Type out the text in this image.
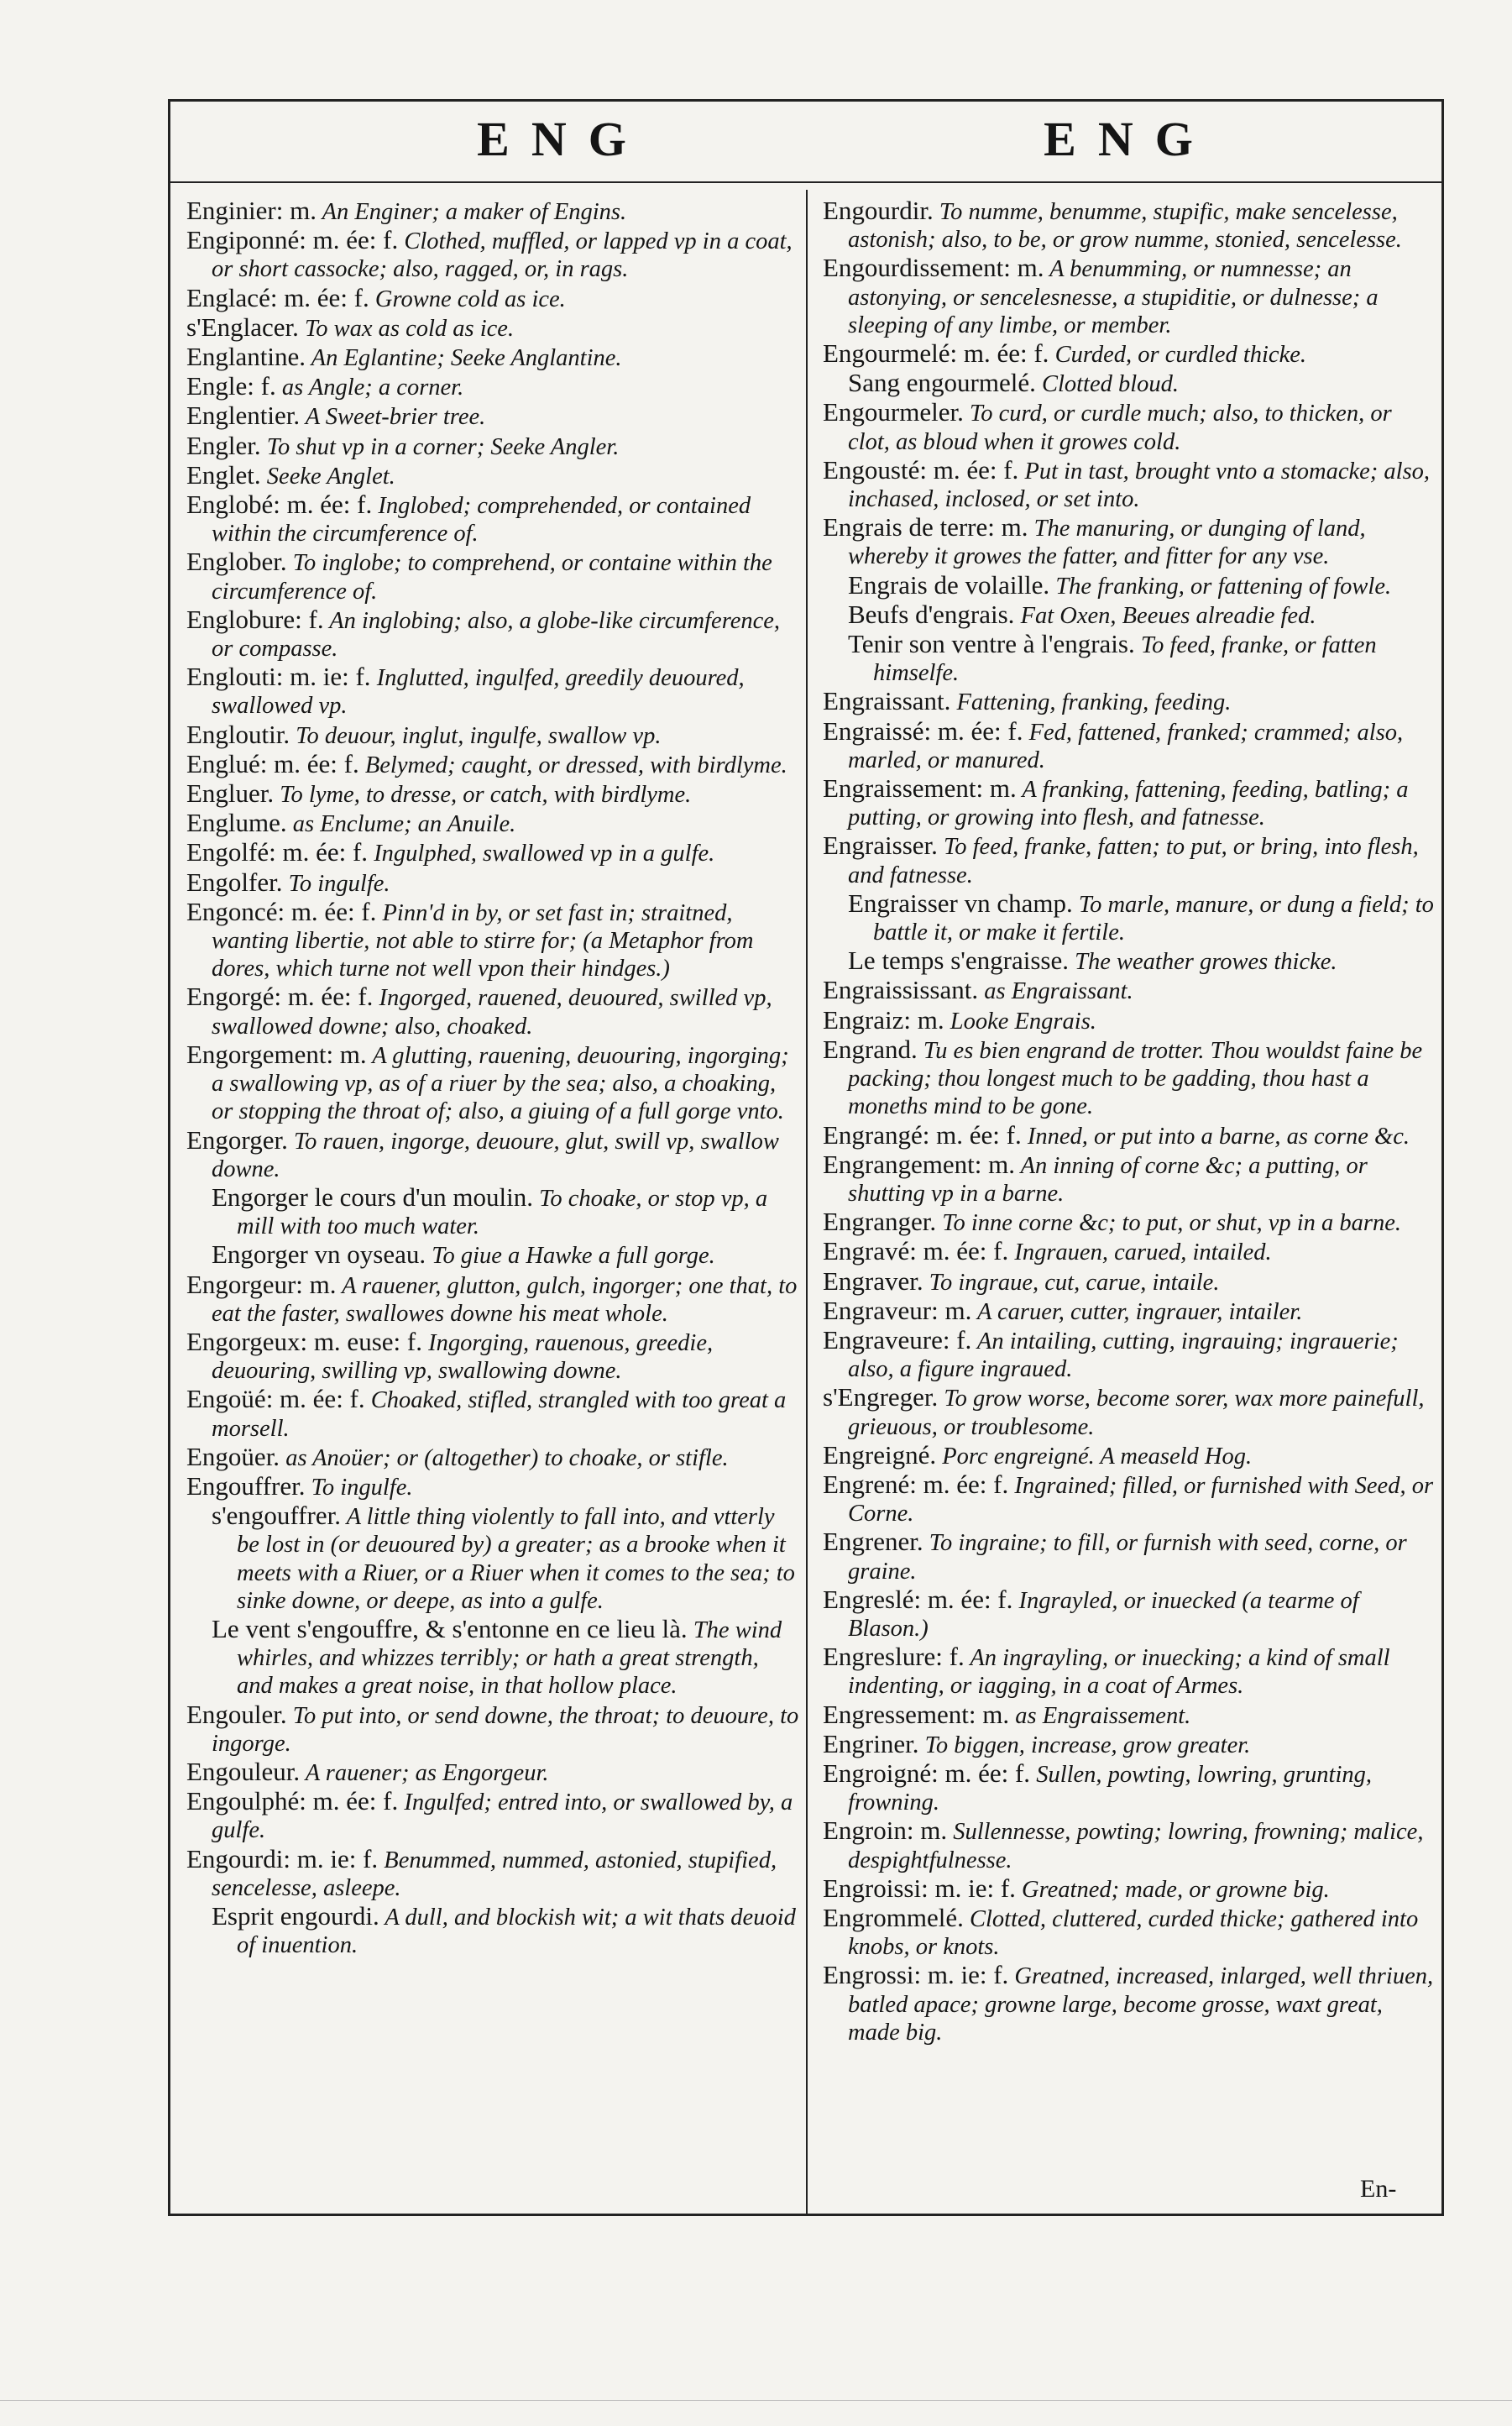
ENG	ENG

Enginier: m. An Enginer; a maker of Engins.

Engiponné: m. ée: f. Clothed, muffled, or lapped vp in a coat, or short cassocke; also, ragged, or, in rags.

Englacé: m. ée: f. Growne cold as ice.

s'Englacer. To wax as cold as ice.

Englantine. An Eglantine; Seeke Anglantine.

Engle: f. as Angle; a corner.

Englentier. A Sweet-brier tree.

Engler. To shut vp in a corner; Seeke Angler.

Englet. Seeke Anglet.

Englobé: m. ée: f. Inglobed; comprehended, or contained within the circumference of.

Englober. To inglobe; to comprehend, or containe within the circumference of.

Englobure: f. An inglobing; also, a globe-like circumference, or compasse.

Englouti: m. ie: f. Inglutted, ingulfed, greedily deuoured, swallowed vp.

Engloutir. To deuour, inglut, ingulfe, swallow vp.

Englué: m. ée: f. Belymed; caught, or dressed, with birdlyme.

Engluer. To lyme, to dresse, or catch, with birdlyme.

Englume. as Enclume; an Anuile.

Engolfé: m. ée: f. Ingulphed, swallowed vp in a gulfe.

Engolfer. To ingulfe.

Engoncé: m. ée: f. Pinn'd in by, or set fast in; straitned, wanting libertie, not able to stirre for; (a Metaphor from dores, which turne not well vpon their hindges.)

Engorgé: m. ée: f. Ingorged, rauened, deuoured, swilled vp, swallowed downe; also, choaked.

Engorgement: m. A glutting, rauening, deuouring, ingorging; a swallowing vp, as of a riuer by the sea; also, a choaking, or stopping the throat of; also, a giuing of a full gorge vnto.

Engorger. To rauen, ingorge, deuoure, glut, swill vp, swallow downe.

Engorger le cours d'un moulin. To choake, or stop vp, a mill with too much water.

Engorger vn oyseau. To giue a Hawke a full gorge.

Engorgeur: m. A rauener, glutton, gulch, ingorger; one that, to eat the faster, swallowes downe his meat whole.

Engorgeux: m. euse: f. Ingorging, rauenous, greedie, deuouring, swilling vp, swallowing downe.

Engoüé: m. ée: f. Choaked, stifled, strangled with too great a morsell.

Engoüer. as Anoüer; or (altogether) to choake, or stifle.

Engouffrer. To ingulfe.

s'engouffrer. A little thing violently to fall into, and vtterly be lost in (or deuoured by) a greater; as a brooke when it meets with a Riuer, or a Riuer when it comes to the sea; to sinke downe, or deepe, as into a gulfe.

Le vent s'engouffre, & s'entonne en ce lieu là. The wind whirles, and whizzes terribly; or hath a great strength, and makes a great noise, in that hollow place.

Engouler. To put into, or send downe, the throat; to deuoure, to ingorge.

Engouleur. A rauener; as Engorgeur.

Engoulphé: m. ée: f. Ingulfed; entred into, or swallowed by, a gulfe.

Engourdi: m. ie: f. Benummed, nummed, astonied, stupified, sencelesse, asleepe.

Esprit engourdi. A dull, and blockish wit; a wit thats deuoid of inuention.

Engourdir. To numme, benumme, stupific, make sencelesse, astonish; also, to be, or grow numme, stonied, sencelesse.

Engourdissement: m. A benumming, or numnesse; an astonying, or sencelesnesse, a stupiditie, or dulnesse; a sleeping of any limbe, or member.

Engourmelé: m. ée: f. Curded, or curdled thicke.

Sang engourmelé. Clotted bloud.

Engourmeler. To curd, or curdle much; also, to thicken, or clot, as bloud when it growes cold.

Engousté: m. ée: f. Put in tast, brought vnto a stomacke; also, inchased, inclosed, or set into.

Engrais de terre: m. The manuring, or dunging of land, whereby it growes the fatter, and fitter for any vse.

Engrais de volaille. The franking, or fattening of fowle.

Beufs d'engrais. Fat Oxen, Beeues alreadie fed.

Tenir son ventre à l'engrais. To feed, franke, or fatten himselfe.

Engraissant. Fattening, franking, feeding.

Engraissé: m. ée: f. Fed, fattened, franked; crammed; also, marled, or manured.

Engraissement: m. A franking, fattening, feeding, batling; a putting, or growing into flesh, and fatnesse.

Engraisser. To feed, franke, fatten; to put, or bring, into flesh, and fatnesse.

Engraisser vn champ. To marle, manure, or dung a field; to battle it, or make it fertile.

Le temps s'engraisse. The weather growes thicke.

Engraississant. as Engraissant.

Engraiz: m. Looke Engrais.

Engrand. Tu es bien engrand de trotter. Thou wouldst faine be packing; thou longest much to be gadding, thou hast a moneths mind to be gone.

Engrangé: m. ée: f. Inned, or put into a barne, as corne &c.

Engrangement: m. An inning of corne &c; a putting, or shutting vp in a barne.

Engranger. To inne corne &c; to put, or shut, vp in a barne.

Engravé: m. ée: f. Ingrauen, carued, intailed.

Engraver. To ingraue, cut, carue, intaile.

Engraveur: m. A caruer, cutter, ingrauer, intailer.

Engraveure: f. An intailing, cutting, ingrauing; ingrauerie; also, a figure ingraued.

s'Engreger. To grow worse, become sorer, wax more painefull, grieuous, or troublesome.

Engreigné. Porc engreigné. A measeld Hog.

Engrené: m. ée: f. Ingrained; filled, or furnished with Seed, or Corne.

Engrener. To ingraine; to fill, or furnish with seed, corne, or graine.

Engreslé: m. ée: f. Ingrayled, or inuecked (a tearme of Blason.)

Engreslure: f. An ingrayling, or inuecking; a kind of small indenting, or iagging, in a coat of Armes.

Engressement: m. as Engraissement.

Engriner. To biggen, increase, grow greater.

Engroigné: m. ée: f. Sullen, powting, lowring, grunting, frowning.

Engroin: m. Sullennesse, powting; lowring, frowning; malice, despightfulnesse.

Engroissi: m. ie: f. Greatned; made, or growne big.

Engrommelé. Clotted, cluttered, curded thicke; gathered into knobs, or knots.

Engrossi: m. ie: f. Greatned, increased, inlarged, well thriuen, batled apace; growne large, become grosse, waxt great, made big.

En-
